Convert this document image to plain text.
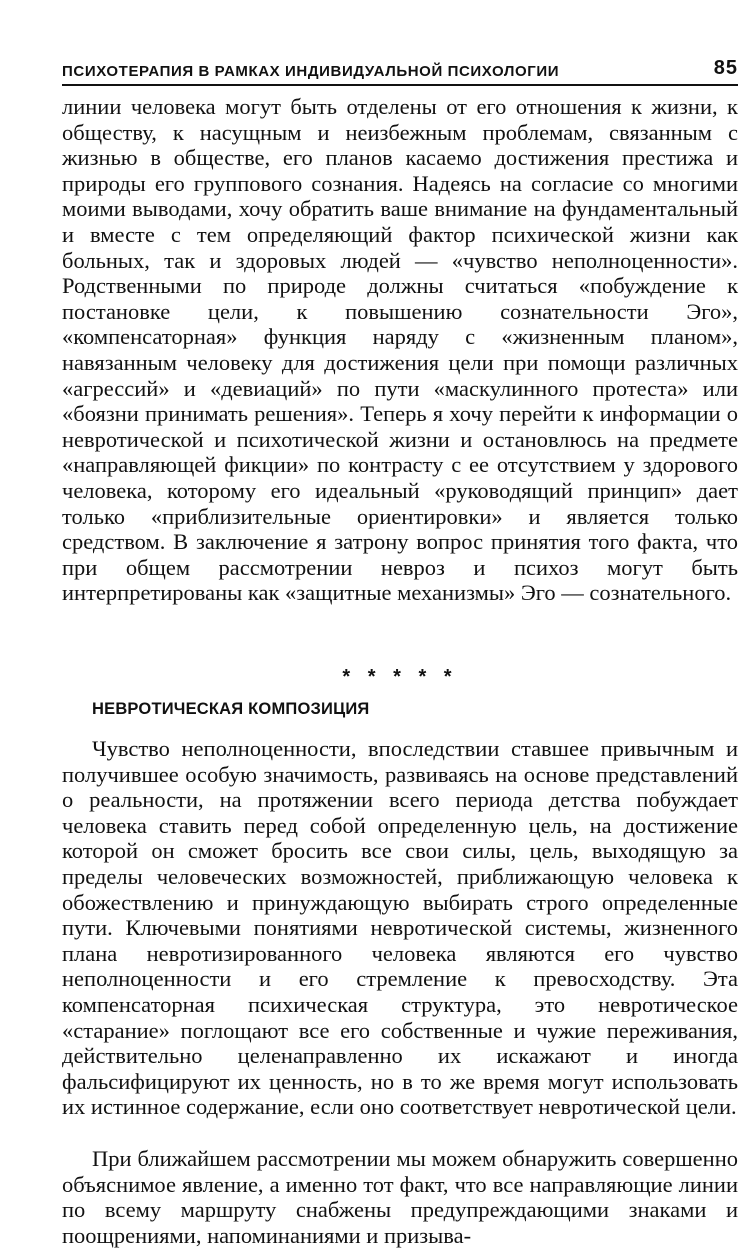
ПСИХОТЕРАПИЯ В РАМКАХ ИНДИВИДУАЛЬНОЙ ПСИХОЛОГИИ	85

линии человека могут быть отделены от его отношения к жизни, к обществу, к насущным и неизбежным проблемам, связанным с жизнью в обществе, его планов касаемо достижения престижа и природы его группового сознания. Надеясь на согласие со многими моими выводами, хочу обратить ваше внимание на фундаментальный и вместе с тем определяющий фактор психической жизни как больных, так и здоровых людей — «чувство неполноценности». Родственными по природе должны считаться «побуждение к постановке цели, к повышению сознательности Эго», «компенсаторная» функция наряду с «жизненным планом», навязанным человеку для достижения цели при помощи различных «агрессий» и «девиаций» по пути «маскулинного протеста» или «боязни принимать решения». Теперь я хочу перейти к информации о невротической и психотической жизни и остановлюсь на предмете «направляющей фикции» по контрасту с ее отсутствием у здорового человека, которому его идеальный «руководящий принцип» дает только «приблизительные ориентировки» и является только средством. В заключение я затрону вопрос принятия того факта, что при общем рассмотрении невроз и психоз могут быть интерпретированы как «защитные механизмы» Эго — сознательного.

* * * * *
НЕВРОТИЧЕСКАЯ КОМПОЗИЦИЯ

Чувство неполноценности, впоследствии ставшее привычным и получившее особую значимость, развиваясь на основе представлений о реальности, на протяжении всего периода детства побуждает человека ставить перед собой определенную цель, на достижение которой он сможет бросить все свои силы, цель, выходящую за пределы человеческих возможностей, приближающую человека к обожествлению и принуждающую выбирать строго определенные пути. Ключевыми понятиями невротической системы, жизненного плана невротизированного человека являются его чувство неполноценности и его стремление к превосходству. Эта компенсаторная психическая структура, это невротическое «старание» поглощают все его собственные и чужие переживания, действительно целенаправленно их искажают и иногда фальсифицируют их ценность, но в то же время могут использовать их истинное содержание, если оно соответствует невротической цели.

При ближайшем рассмотрении мы можем обнаружить совершенно объяснимое явление, а именно тот факт, что все направляющие линии по всему маршруту снабжены предупреждающими знаками и поощрениями, напоминаниями и призыва-
